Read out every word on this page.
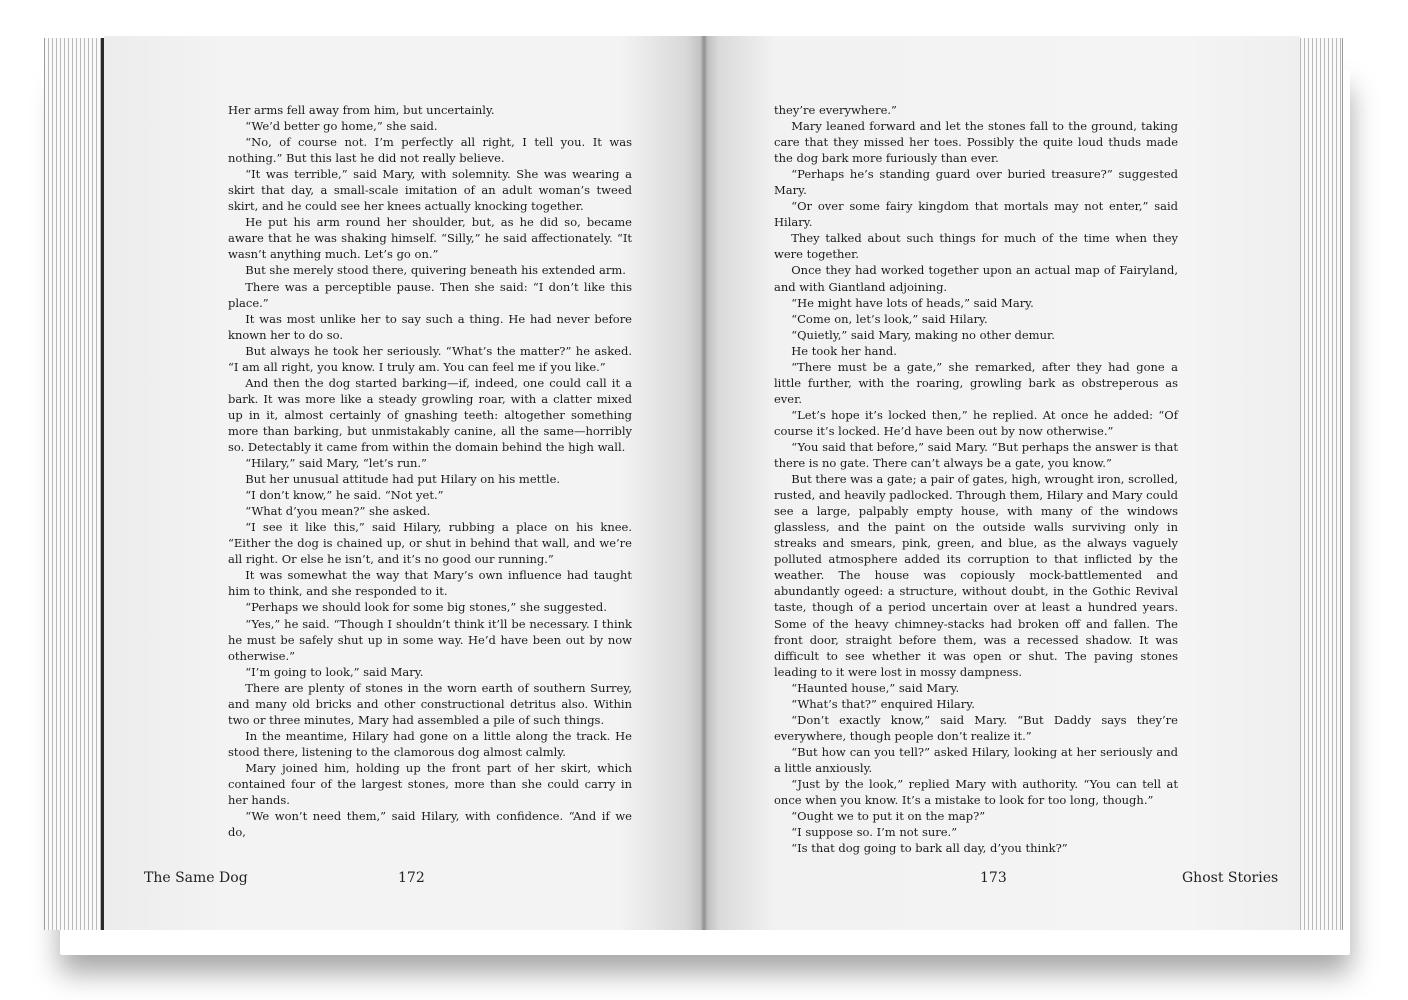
Her arms fell away from him, but uncertainly.

“We’d better go home,” she said.

“No, of course not. I’m perfectly all right, I tell you. It was nothing.” But this last he did not really believe.

“It was terrible,” said Mary, with solemnity. She was wearing a skirt that day, a small-scale imitation of an adult woman’s tweed skirt, and he could see her knees actually knocking together.

He put his arm round her shoulder, but, as he did so, became aware that he was shaking himself. “Silly,” he said affectionately. “It wasn’t anything much. Let’s go on.”

But she merely stood there, quivering beneath his extended arm.

There was a perceptible pause. Then she said: “I don’t like this place.”

It was most unlike her to say such a thing. He had never before known her to do so.

But always he took her seriously. “What’s the matter?” he asked. “I am all right, you know. I truly am. You can feel me if you like.”

And then the dog started barking—if, indeed, one could call it a bark. It was more like a steady growling roar, with a clatter mixed up in it, almost certainly of gnashing teeth: altogether something more than barking, but unmistakably canine, all the same—horribly so. Detectably it came from within the domain behind the high wall.

“Hilary,” said Mary, “let’s run.”

But her unusual attitude had put Hilary on his mettle.

“I don’t know,” he said. “Not yet.”

“What d’you mean?” she asked.

“I see it like this,” said Hilary, rubbing a place on his knee. “Either the dog is chained up, or shut in behind that wall, and we’re all right. Or else he isn’t, and it’s no good our running.”

It was somewhat the way that Mary’s own influence had taught him to think, and she responded to it.

“Perhaps we should look for some big stones,” she suggested.

“Yes,” he said. “Though I shouldn’t think it’ll be necessary. I think he must be safely shut up in some way. He’d have been out by now otherwise.”

“I’m going to look,” said Mary.

There are plenty of stones in the worn earth of southern Surrey, and many old bricks and other constructional detritus also. Within two or three minutes, Mary had assembled a pile of such things.

In the meantime, Hilary had gone on a little along the track. He stood there, listening to the clamorous dog almost calmly.

Mary joined him, holding up the front part of her skirt, which contained four of the largest stones, more than she could carry in her hands.

“We won’t need them,” said Hilary, with confidence. “And if we do,

The Same Dog	172

they’re everywhere.”

Mary leaned forward and let the stones fall to the ground, taking care that they missed her toes. Possibly the quite loud thuds made the dog bark more furiously than ever.

“Perhaps he’s standing guard over buried treasure?” suggested Mary.

“Or over some fairy kingdom that mortals may not enter,” said Hilary.

They talked about such things for much of the time when they were together.

Once they had worked together upon an actual map of Fairyland, and with Giantland adjoining.

“He might have lots of heads,” said Mary.

“Come on, let’s look,” said Hilary.

“Quietly,” said Mary, making no other demur.

He took her hand.

“There must be a gate,” she remarked, after they had gone a little further, with the roaring, growling bark as obstreperous as ever.

“Let’s hope it’s locked then,” he replied. At once he added: “Of course it’s locked. He’d have been out by now otherwise.”

“You said that before,” said Mary. “But perhaps the answer is that there is no gate. There can’t always be a gate, you know.”

But there was a gate; a pair of gates, high, wrought iron, scrolled, rusted, and heavily padlocked. Through them, Hilary and Mary could see a large, palpably empty house, with many of the windows glassless, and the paint on the outside walls surviving only in streaks and smears, pink, green, and blue, as the always vaguely polluted atmosphere added its corruption to that inflicted by the weather. The house was copiously mock-battlemented and abundantly ogeed: a structure, without doubt, in the Gothic Revival taste, though of a period uncertain over at least a hundred years. Some of the heavy chimney-stacks had broken off and fallen. The front door, straight before them, was a recessed shadow. It was difficult to see whether it was open or shut. The paving stones leading to it were lost in mossy dampness.

“Haunted house,” said Mary.

“What’s that?” enquired Hilary.

“Don’t exactly know,” said Mary. “But Daddy says they’re everywhere, though people don’t realize it.”

“But how can you tell?” asked Hilary, looking at her seriously and a little anxiously.

“Just by the look,” replied Mary with authority. “You can tell at once when you know. It’s a mistake to look for too long, though.”

“Ought we to put it on the map?”

“I suppose so. I’m not sure.”

“Is that dog going to bark all day, d’you think?”

173	Ghost Stories
